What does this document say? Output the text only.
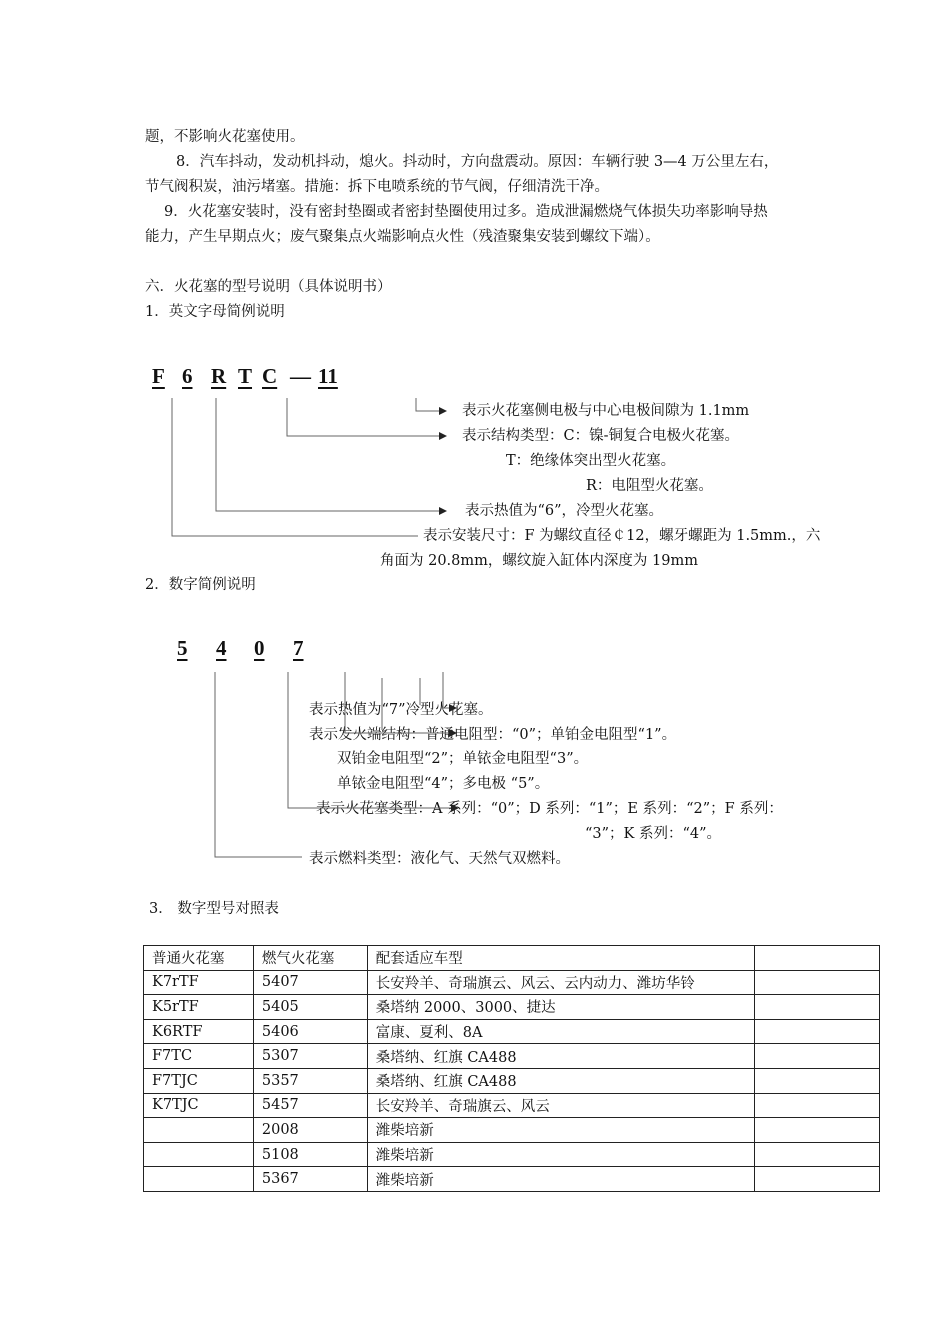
题，不影响火花塞使用。
8．汽车抖动，发动机抖动，熄火。抖动时，方向盘震动。原因：车辆行驶 3—4 万公里左右，
节气阀积炭，油污堵塞。措施：拆下电喷系统的节气阀，仔细清洗干净。
9．火花塞安装时，没有密封垫圈或者密封垫圈使用过多。造成泄漏燃烧气体损失功率影响导热
能力，产生早期点火；废气聚集点火端影响点火性（残渣聚集安装到螺纹下端）。
六．火花塞的型号说明（具体说明书）
1．英文字母简例说明
F 6 R T C — 11
表示火花塞侧电极与中心电极间隙为 1.1mm
表示结构类型：C：镍-铜复合电极火花塞。
T：绝缘体突出型火花塞。
R：电阻型火花塞。
表示热值为“6”，冷型火花塞。
表示安装尺寸：F 为螺纹直径￠12，螺牙螺距为 1.5mm.，六
角面为 20.8mm，螺纹旋入缸体内深度为 19mm
2．数字简例说明
5 4 0 7
表示热值为“7”冷型火花塞。
表示发火端结构：普通电阻型：“0”；单铂金电阻型“1”。
双铂金电阻型“2”；单铱金电阻型“3”。
单铱金电阻型“4”；多电极 “5”。
表示火花塞类型：A 系列：“0”；D 系列：“1”；E 系列：“2”；F 系列：
“3”；K 系列：“4”。
表示燃料类型：液化气、天然气双燃料。
3． 数字型号对照表
普通火花塞	燃气火花塞	配套适应车型	
K7rTF	5407	长安羚羊、奇瑞旗云、风云、云内动力、潍坊华铃	
K5rTF	5405	桑塔纳 2000、3000、捷达	
K6RTF	5406	富康、夏利、8A	
F7TC	5307	桑塔纳、红旗 CA488	
F7TJC	5357	桑塔纳、红旗 CA488	
K7TJC	5457	长安羚羊、奇瑞旗云、风云	
	2008	潍柴培新	
	5108	潍柴培新	
	5367	潍柴培新	
